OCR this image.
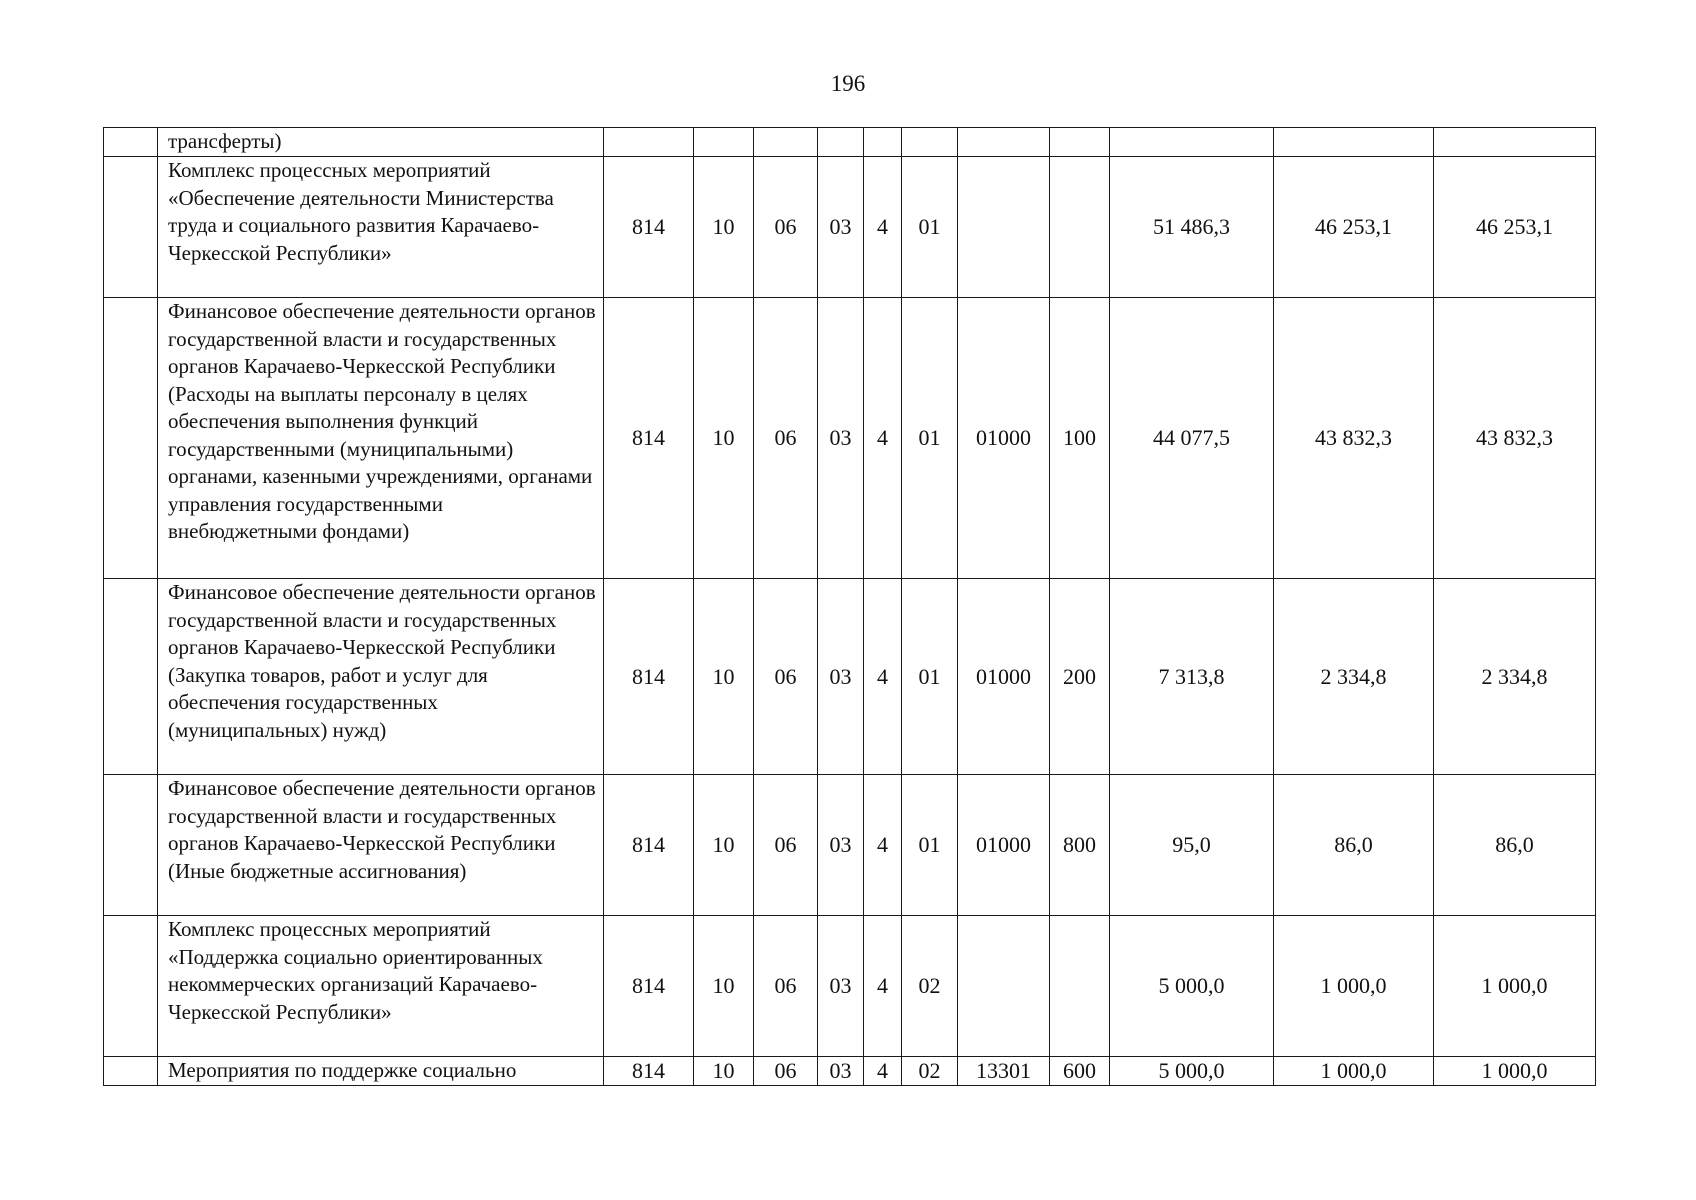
196
	трансферты)											
	Комплекс процессных мероприятий «Обеспечение деятельности Министерства труда и социального развития Карачаево-Черкесской Республики»	814	10	06	03	4	01			51 486,3	46 253,1	46 253,1
	Финансовое обеспечение деятельности органов государственной власти и государственных органов Карачаево-Черкесской Республики (Расходы на выплаты персоналу в целях обеспечения выполнения функций государственными (муниципальными) органами, казенными учреждениями, органами управления государственными внебюджетными фондами)	814	10	06	03	4	01	01000	100	44 077,5	43 832,3	43 832,3
	Финансовое обеспечение деятельности органов государственной власти и государственных органов Карачаево-Черкесской Республики (Закупка товаров, работ и услуг для обеспечения государственных (муниципальных) нужд)	814	10	06	03	4	01	01000	200	7 313,8	2 334,8	2 334,8
	Финансовое обеспечение деятельности органов государственной власти и государственных органов Карачаево-Черкесской Республики (Иные бюджетные ассигнования)	814	10	06	03	4	01	01000	800	95,0	86,0	86,0
	Комплекс процессных мероприятий «Поддержка социально ориентированных некоммерческих организаций Карачаево-Черкесской Республики»	814	10	06	03	4	02			5 000,0	1 000,0	1 000,0
	Мероприятия по поддержке социально	814	10	06	03	4	02	13301	600	5 000,0	1 000,0	1 000,0
